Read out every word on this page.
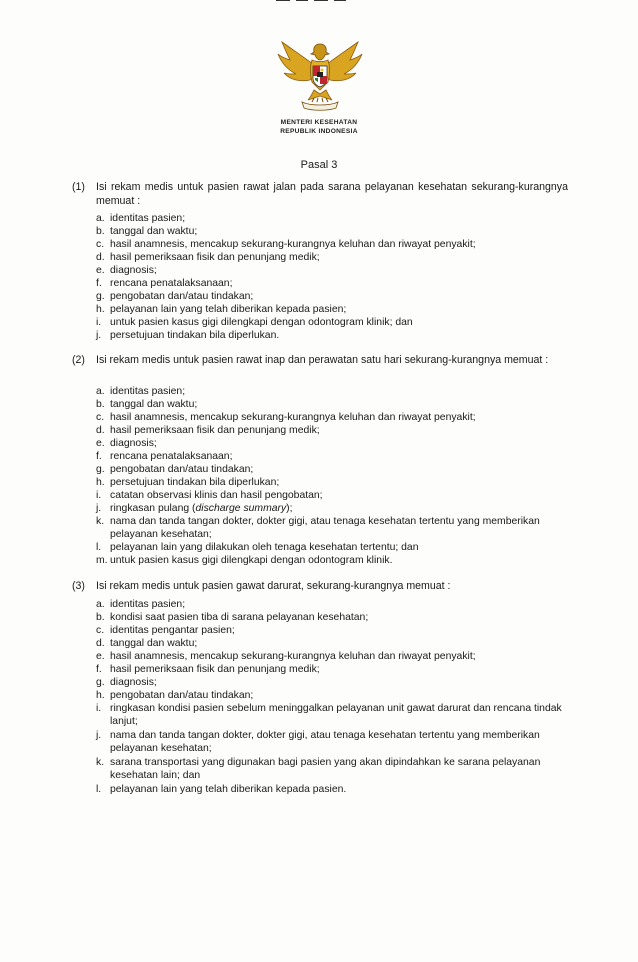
MENTERI KESEHATAN
REPUBLIK INDONESIA
Pasal 3
(1) Isi rekam medis untuk pasien rawat jalan pada sarana pelayanan kesehatan sekurang-kurangnya memuat :
a. identitas pasien;
b. tanggal dan waktu;
c. hasil anamnesis, mencakup sekurang-kurangnya keluhan dan riwayat penyakit;
d. hasil pemeriksaan fisik dan penunjang medik;
e. diagnosis;
f. rencana penatalaksanaan;
g. pengobatan dan/atau tindakan;
h. pelayanan lain yang telah diberikan kepada pasien;
i. untuk pasien kasus gigi dilengkapi dengan odontogram klinik; dan
j. persetujuan tindakan bila diperlukan.
(2) Isi rekam medis untuk pasien rawat inap dan perawatan satu hari sekurang-kurangnya memuat :
a. identitas pasien;
b. tanggal dan waktu;
c. hasil anamnesis, mencakup sekurang-kurangnya keluhan dan riwayat penyakit;
d. hasil pemeriksaan fisik dan penunjang medik;
e. diagnosis;
f. rencana penatalaksanaan;
g. pengobatan dan/atau tindakan;
h. persetujuan tindakan bila diperlukan;
i. catatan observasi klinis dan hasil pengobatan;
j. ringkasan pulang (discharge summary);
k. nama dan tanda tangan dokter, dokter gigi, atau tenaga kesehatan tertentu yang memberikan pelayanan kesehatan;
l. pelayanan lain yang dilakukan oleh tenaga kesehatan tertentu; dan
m. untuk pasien kasus gigi dilengkapi dengan odontogram klinik.
(3) Isi rekam medis untuk pasien gawat darurat, sekurang-kurangnya memuat :
a. identitas pasien;
b. kondisi saat pasien tiba di sarana pelayanan kesehatan;
c. identitas pengantar pasien;
d. tanggal dan waktu;
e. hasil anamnesis, mencakup sekurang-kurangnya keluhan dan riwayat penyakit;
f. hasil pemeriksaan fisik dan penunjang medik;
g. diagnosis;
h. pengobatan dan/atau tindakan;
i. ringkasan kondisi pasien sebelum meninggalkan pelayanan unit gawat darurat dan rencana tindak lanjut;
j. nama dan tanda tangan dokter, dokter gigi, atau tenaga kesehatan tertentu yang memberikan pelayanan kesehatan;
k. sarana transportasi yang digunakan bagi pasien yang akan dipindahkan ke sarana pelayanan kesehatan lain; dan
l. pelayanan lain yang telah diberikan kepada pasien.
